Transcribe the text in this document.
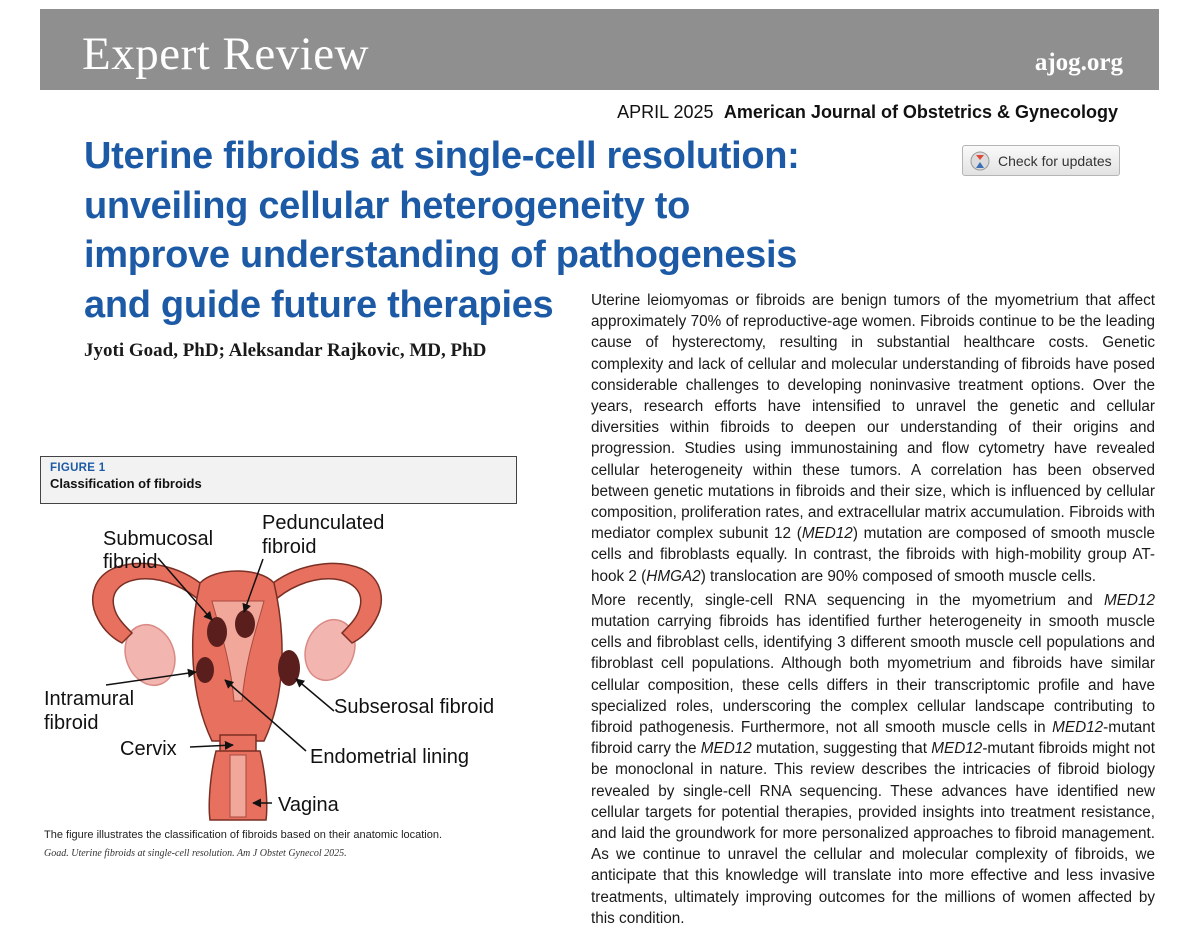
Expert Review	ajog.org
APRIL 2025 American Journal of Obstetrics & Gynecology
Check for updates
Uterine fibroids at single-cell resolution: unveiling cellular heterogeneity to improve understanding of pathogenesis and guide future therapies
Jyoti Goad, PhD; Aleksandar Rajkovic, MD, PhD

Uterine leiomyomas or fibroids are benign tumors of the myometrium that affect approximately 70% of reproductive-age women. Fibroids continue to be the leading cause of hysterectomy, resulting in substantial healthcare costs. Genetic complexity and lack of cellular and molecular understanding of fibroids have posed considerable challenges to developing noninvasive treatment options. Over the years, research efforts have intensified to unravel the genetic and cellular diversities within fibroids to deepen our understanding of their origins and progression. Studies using immunostaining and flow cytometry have revealed cellular heterogeneity within these tumors. A correlation has been observed between genetic mutations in fibroids and their size, which is influenced by cellular composition, proliferation rates, and extracellular matrix accumulation. Fibroids with mediator complex subunit 12 (MED12) mutation are composed of smooth muscle cells and fibroblasts equally. In contrast, the fibroids with high-mobility group AT-hook 2 (HMGA2) translocation are 90% composed of smooth muscle cells.

More recently, single-cell RNA sequencing in the myometrium and MED12 mutation carrying fibroids has identified further heterogeneity in smooth muscle cells and fibroblast cells, identifying 3 different smooth muscle cell populations and fibroblast cell populations. Although both myometrium and fibroids have similar cellular composition, these cells differs in their transcriptomic profile and have specialized roles, underscoring the complex cellular landscape contributing to fibroid pathogenesis. Furthermore, not all smooth muscle cells in MED12-mutant fibroid carry the MED12 mutation, suggesting that MED12-mutant fibroids might not be monoclonal in nature. This review describes the intricacies of fibroid biology revealed by single-cell RNA sequencing. These advances have identified new cellular targets for potential therapies, provided insights into treatment resistance, and laid the groundwork for more personalized approaches to fibroid management. As we continue to unravel the cellular and molecular complexity of fibroids, we anticipate that this knowledge will translate into more effective and less invasive treatments, ultimately improving outcomes for the millions of women affected by this condition.

FIGURE 1
Classification of fibroids
Submucosal
fibroid
Pedunculated
fibroid
Intramural
fibroid
Subserosal fibroid
Cervix	Endometrial lining
Vagina
The figure illustrates the classification of fibroids based on their anatomic location.
Goad. Uterine fibroids at single-cell resolution. Am J Obstet Gynecol 2025.
